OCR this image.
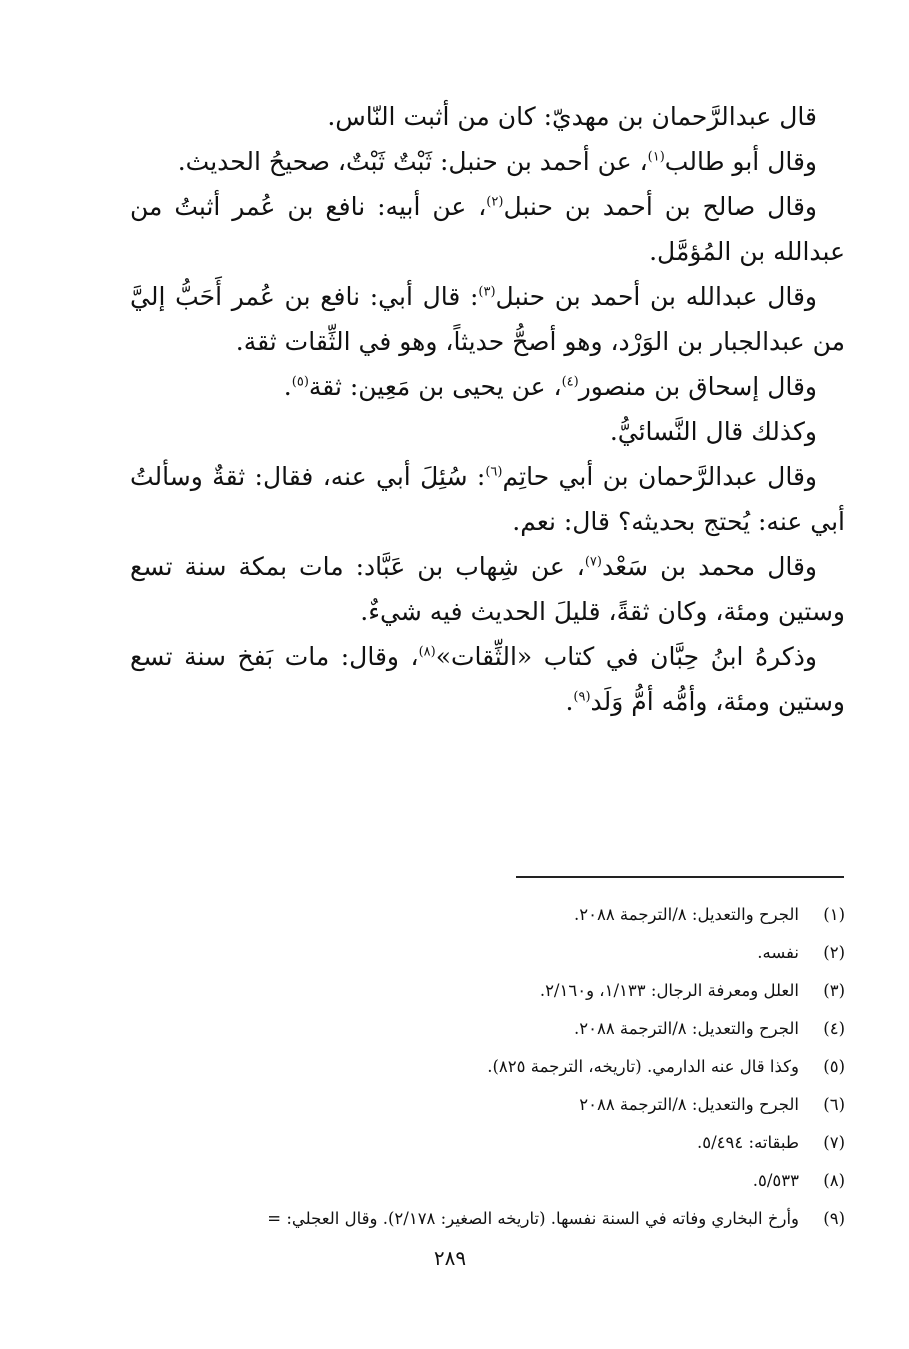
قال عبدالرَّحمان بن مهديّ: كان من أثبت النّاس.

وقال أبو طالب$^{(١)}$، عن أحمد بن حنبل: ثَبْتٌ ثَبْتٌ، صحيحُ الحديث.

وقال صالح بن أحمد بن حنبل$^{(٢)}$، عن أبيه: نافع بن عُمر أثبتُ من عبدالله بن المُؤمَّل.

وقال عبدالله بن أحمد بن حنبل$^{(٣)}$: قال أبي: نافع بن عُمر أَحَبُّ إليَّ من عبدالجبار بن الوَرْد، وهو أصحُّ حديثاً، وهو في الثِّقات ثقة.

وقال إسحاق بن منصور$^{(٤)}$، عن يحيى بن مَعِين: ثقة$^{(٥)}$.

وكذلك قال النَّسائيُّ.

وقال عبدالرَّحمان بن أبي حاتِم$^{(٦)}$: سُئِلَ أبي عنه، فقال: ثقةٌ وسألتُ أبي عنه: يُحتج بحديثه؟ قال: نعم.

وقال محمد بن سَعْد$^{(٧)}$، عن شِهاب بن عَبَّاد: مات بمكة سنة تسع وستين ومئة، وكان ثقةً، قليلَ الحديث فيه شيءٌ.

وذكرهُ ابنُ حِبَّان في كتاب «الثِّقات»$^{(٨)}$، وقال: مات بَفخ سنة تسع وستين ومئة، وأمُّه أمُّ وَلَد$^{(٩)}$.

(١)
الجرح والتعديل: ٨/الترجمة ٢٠٨٨.
(٢)
نفسه.
(٣)
العلل ومعرفة الرجال: ١/١٣٣، و٢/١٦٠.
(٤)
الجرح والتعديل: ٨/الترجمة ٢٠٨٨.
(٥)
وكذا قال عنه الدارمي. (تاريخه، الترجمة ٨٢٥).
(٦)
الجرح والتعديل: ٨/الترجمة ٢٠٨٨
(٧)
طبقاته: ٥/٤٩٤.
(٨)
٥/٥٣٣.
(٩)
وأرخ البخاري وفاته في السنة نفسها. (تاريخه الصغير: ٢/١٧٨). وقال العجلي: =
٢٨٩
